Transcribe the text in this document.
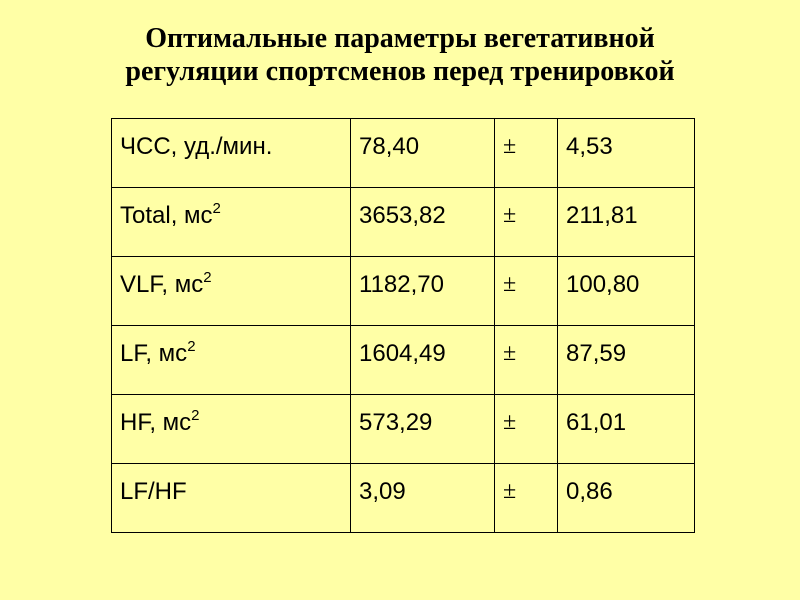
Оптимальные параметры вегетативной
регуляции спортсменов перед тренировкой
ЧСС, уд./мин.	78,40	±	4,53
Total, $мс^2$	3653,82	±	211,81
VLF, $мс^2$	1182,70	±	100,80
LF, $мс^2$	1604,49	±	87,59
HF, $мс^2$	573,29	±	61,01
LF/HF	3,09	±	0,86
